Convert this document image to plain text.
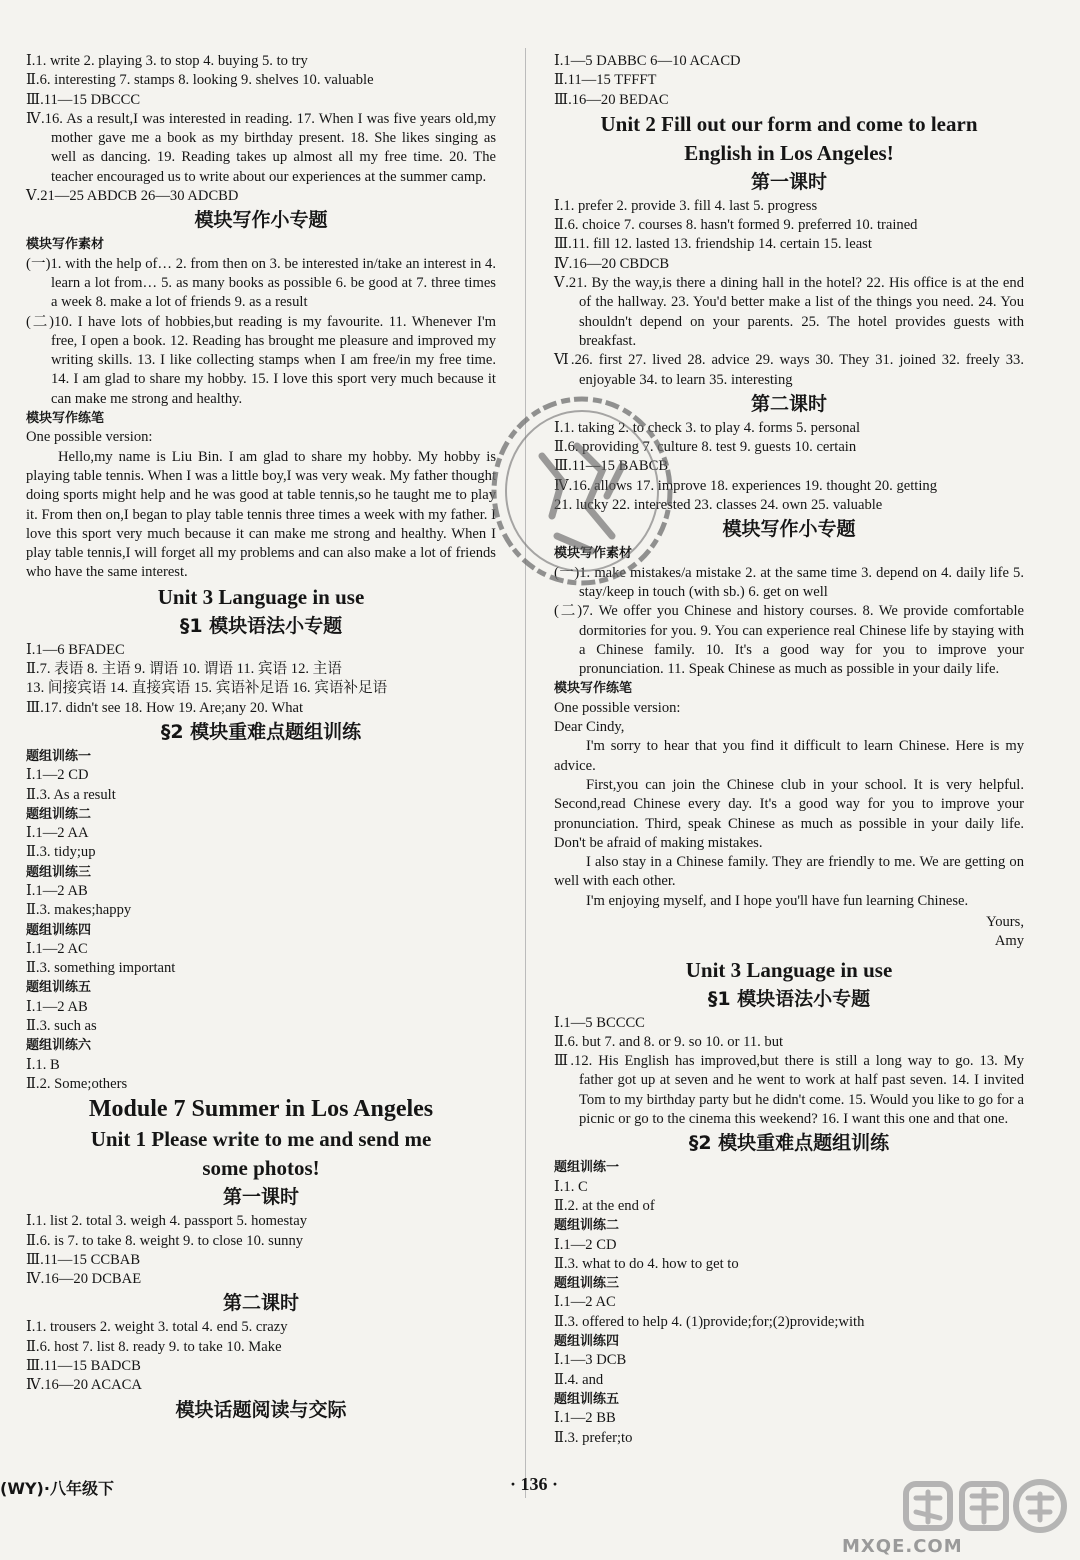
Ⅰ.1. write 2. playing 3. to stop 4. buying 5. to try
Ⅱ.6. interesting 7. stamps 8. looking 9. shelves 10. valuable
Ⅲ.11—15 DBCCC
Ⅳ.16. As a result,I was interested in reading. 17. When I was five years old,my mother gave me a book as my birthday present. 18. She likes singing as well as dancing. 19. Reading takes up almost all my free time. 20. The teacher encouraged us to write about our experiences at the summer camp.
Ⅴ.21—25 ABDCB 26—30 ADCBD
模块写作小专题
模块写作素材
(一)1. with the help of… 2. from then on 3. be interested in/take an interest in 4. learn a lot from… 5. as many books as possible 6. be good at 7. three times a week 8. make a lot of friends 9. as a result
(二)10. I have lots of hobbies,but reading is my favourite. 11. Whenever I'm free, I open a book. 12. Reading has brought me pleasure and improved my writing skills. 13. I like collecting stamps when I am free/in my free time. 14. I am glad to share my hobby. 15. I love this sport very much because it can make me strong and healthy.
模块写作练笔
One possible version:
Hello,my name is Liu Bin. I am glad to share my hobby. My hobby is playing table tennis. When I was a little boy,I was very weak. My father thought doing sports might help and he was good at table tennis,so he taught me to play it. From then on,I began to play table tennis three times a week with my father. I love this sport very much because it can make me strong and healthy. When I play table tennis,I will forget all my problems and can also make a lot of friends who have the same interest.
Unit 3 Language in use
§1 模块语法小专题
Ⅰ.1—6 BFADEC
Ⅱ.7. 表语 8. 主语 9. 谓语 10. 谓语 11. 宾语 12. 主语
13. 间接宾语 14. 直接宾语 15. 宾语补足语 16. 宾语补足语
Ⅲ.17. didn't see 18. How 19. Are;any 20. What
§2 模块重难点题组训练
题组训练一
Ⅰ.1—2 CD
Ⅱ.3. As a result
题组训练二
Ⅰ.1—2 AA
Ⅱ.3. tidy;up
题组训练三
Ⅰ.1—2 AB
Ⅱ.3. makes;happy
题组训练四
Ⅰ.1—2 AC
Ⅱ.3. something important
题组训练五
Ⅰ.1—2 AB
Ⅱ.3. such as
题组训练六
Ⅰ.1. B
Ⅱ.2. Some;others
Module 7 Summer in Los Angeles
Unit 1 Please write to me and send me
some photos!
第一课时
Ⅰ.1. list 2. total 3. weigh 4. passport 5. homestay
Ⅱ.6. is 7. to take 8. weight 9. to close 10. sunny
Ⅲ.11—15 CCBAB
Ⅳ.16—20 DCBAE
第二课时
Ⅰ.1. trousers 2. weight 3. total 4. end 5. crazy
Ⅱ.6. host 7. list 8. ready 9. to take 10. Make
Ⅲ.11—15 BADCB
Ⅳ.16—20 ACACA
模块话题阅读与交际
Ⅰ.1—5 DABBC 6—10 ACACD
Ⅱ.11—15 TFFFT
Ⅲ.16—20 BEDAC
Unit 2 Fill out our form and come to learn
English in Los Angeles!
第一课时
Ⅰ.1. prefer 2. provide 3. fill 4. last 5. progress
Ⅱ.6. choice 7. courses 8. hasn't formed 9. preferred 10. trained
Ⅲ.11. fill 12. lasted 13. friendship 14. certain 15. least
Ⅳ.16—20 CBDCB
Ⅴ.21. By the way,is there a dining hall in the hotel? 22. His office is at the end of the hallway. 23. You'd better make a list of the things you need. 24. You shouldn't depend on your parents. 25. The hotel provides guests with breakfast.
Ⅵ.26. first 27. lived 28. advice 29. ways 30. They 31. joined 32. freely 33. enjoyable 34. to learn 35. interesting
第二课时
Ⅰ.1. taking 2. to check 3. to play 4. forms 5. personal
Ⅱ.6. providing 7. culture 8. test 9. guests 10. certain
Ⅲ.11—15 BABCB
Ⅳ.16. allows 17. improve 18. experiences 19. thought 20. getting
21. lucky 22. interested 23. classes 24. own 25. valuable
模块写作小专题
模块写作素材
(一)1. make mistakes/a mistake 2. at the same time 3. depend on 4. daily life 5. stay/keep in touch (with sb.) 6. get on well
(二)7. We offer you Chinese and history courses. 8. We provide comfortable dormitories for you. 9. You can experience real Chinese life by staying with a Chinese family. 10. It's a good way for you to improve your pronunciation. 11. Speak Chinese as much as possible in your daily life.
模块写作练笔
One possible version:
Dear Cindy,

I'm sorry to hear that you find it difficult to learn Chinese. Here is my advice.

First,you can join the Chinese club in your school. It is very helpful. Second,read Chinese every day. It's a good way for you to improve your pronunciation. Third, speak Chinese as much as possible in your daily life. Don't be afraid of making mistakes.

I also stay in a Chinese family. They are friendly to me. We are getting on well with each other.

I'm enjoying myself, and I hope you'll have fun learning Chinese.

Yours,
Amy
Unit 3 Language in use
§1 模块语法小专题
Ⅰ.1—5 BCCCC
Ⅱ.6. but 7. and 8. or 9. so 10. or 11. but
Ⅲ.12. His English has improved,but there is still a long way to go. 13. My father got up at seven and he went to work at half past seven. 14. I invited Tom to my birthday party but he didn't come. 15. Would you like to go for a picnic or go to the cinema this weekend? 16. I want this one and that one.
§2 模块重难点题组训练
题组训练一
Ⅰ.1. C
Ⅱ.2. at the end of
题组训练二
Ⅰ.1—2 CD
Ⅱ.3. what to do 4. how to get to
题组训练三
Ⅰ.1—2 AC
Ⅱ.3. offered to help 4. (1)provide;for;(2)provide;with
题组训练四
Ⅰ.1—3 DCB
Ⅱ.4. and
题组训练五
Ⅰ.1—2 BB
Ⅱ.3. prefer;to
(WY)·八年级下	· 136 ·
MXQE.COM
